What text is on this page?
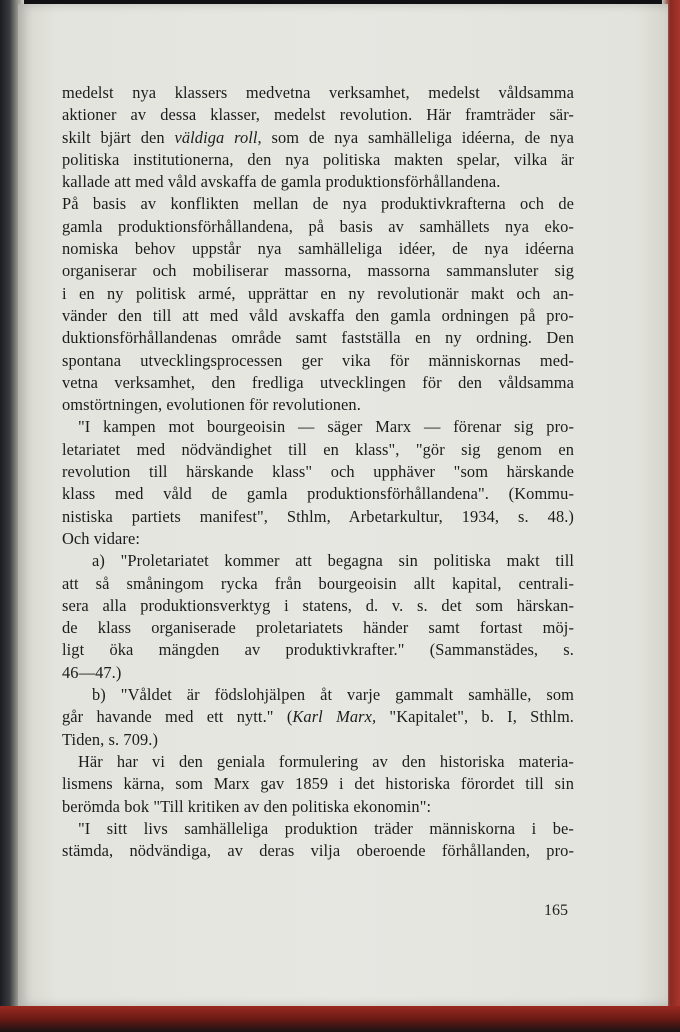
medelst nya klassers medvetna verksamhet, medelst våldsamma
aktioner av dessa klasser, medelst revolution. Här framträder sär-
skilt bjärt den väldiga roll, som de nya samhälleliga idéerna, de nya
politiska institutionerna, den nya politiska makten spelar, vilka är
kallade att med våld avskaffa de gamla produktionsförhållandena.
På basis av konflikten mellan de nya produktivkrafterna och de
gamla produktionsförhållandena, på basis av samhällets nya eko-
nomiska behov uppstår nya samhälleliga idéer, de nya idéerna
organiserar och mobiliserar massorna, massorna sammansluter sig
i en ny politisk armé, upprättar en ny revolutionär makt och an-
vänder den till att med våld avskaffa den gamla ordningen på pro-
duktionsförhållandenas område samt fastställa en ny ordning. Den
spontana utvecklingsprocessen ger vika för människornas med-
vetna verksamhet, den fredliga utvecklingen för den våldsamma
omstörtningen, evolutionen för revolutionen.
"I kampen mot bourgeoisin — säger Marx — förenar sig pro-
letariatet med nödvändighet till en klass", "gör sig genom en
revolution till härskande klass" och upphäver "som härskande
klass med våld de gamla produktionsförhållandena". (Kommu-
nistiska partiets manifest", Sthlm, Arbetarkultur, 1934, s. 48.)
Och vidare:
a) "Proletariatet kommer att begagna sin politiska makt till
att så småningom rycka från bourgeoisin allt kapital, centrali-
sera alla produktionsverktyg i statens, d. v. s. det som härskan-
de klass organiserade proletariatets händer samt fortast möj-
ligt öka mängden av produktivkrafter." (Sammanstädes, s.
46—47.)
b) "Våldet är födslohjälpen åt varje gammalt samhälle, som
går havande med ett nytt." (Karl Marx, "Kapitalet", b. I, Sthlm.
Tiden, s. 709.)
Här har vi den geniala formulering av den historiska materia-
lismens kärna, som Marx gav 1859 i det historiska förordet till sin
berömda bok "Till kritiken av den politiska ekonomin":
"I sitt livs samhälleliga produktion träder människorna i be-
stämda, nödvändiga, av deras vilja oberoende förhållanden, pro-
165
